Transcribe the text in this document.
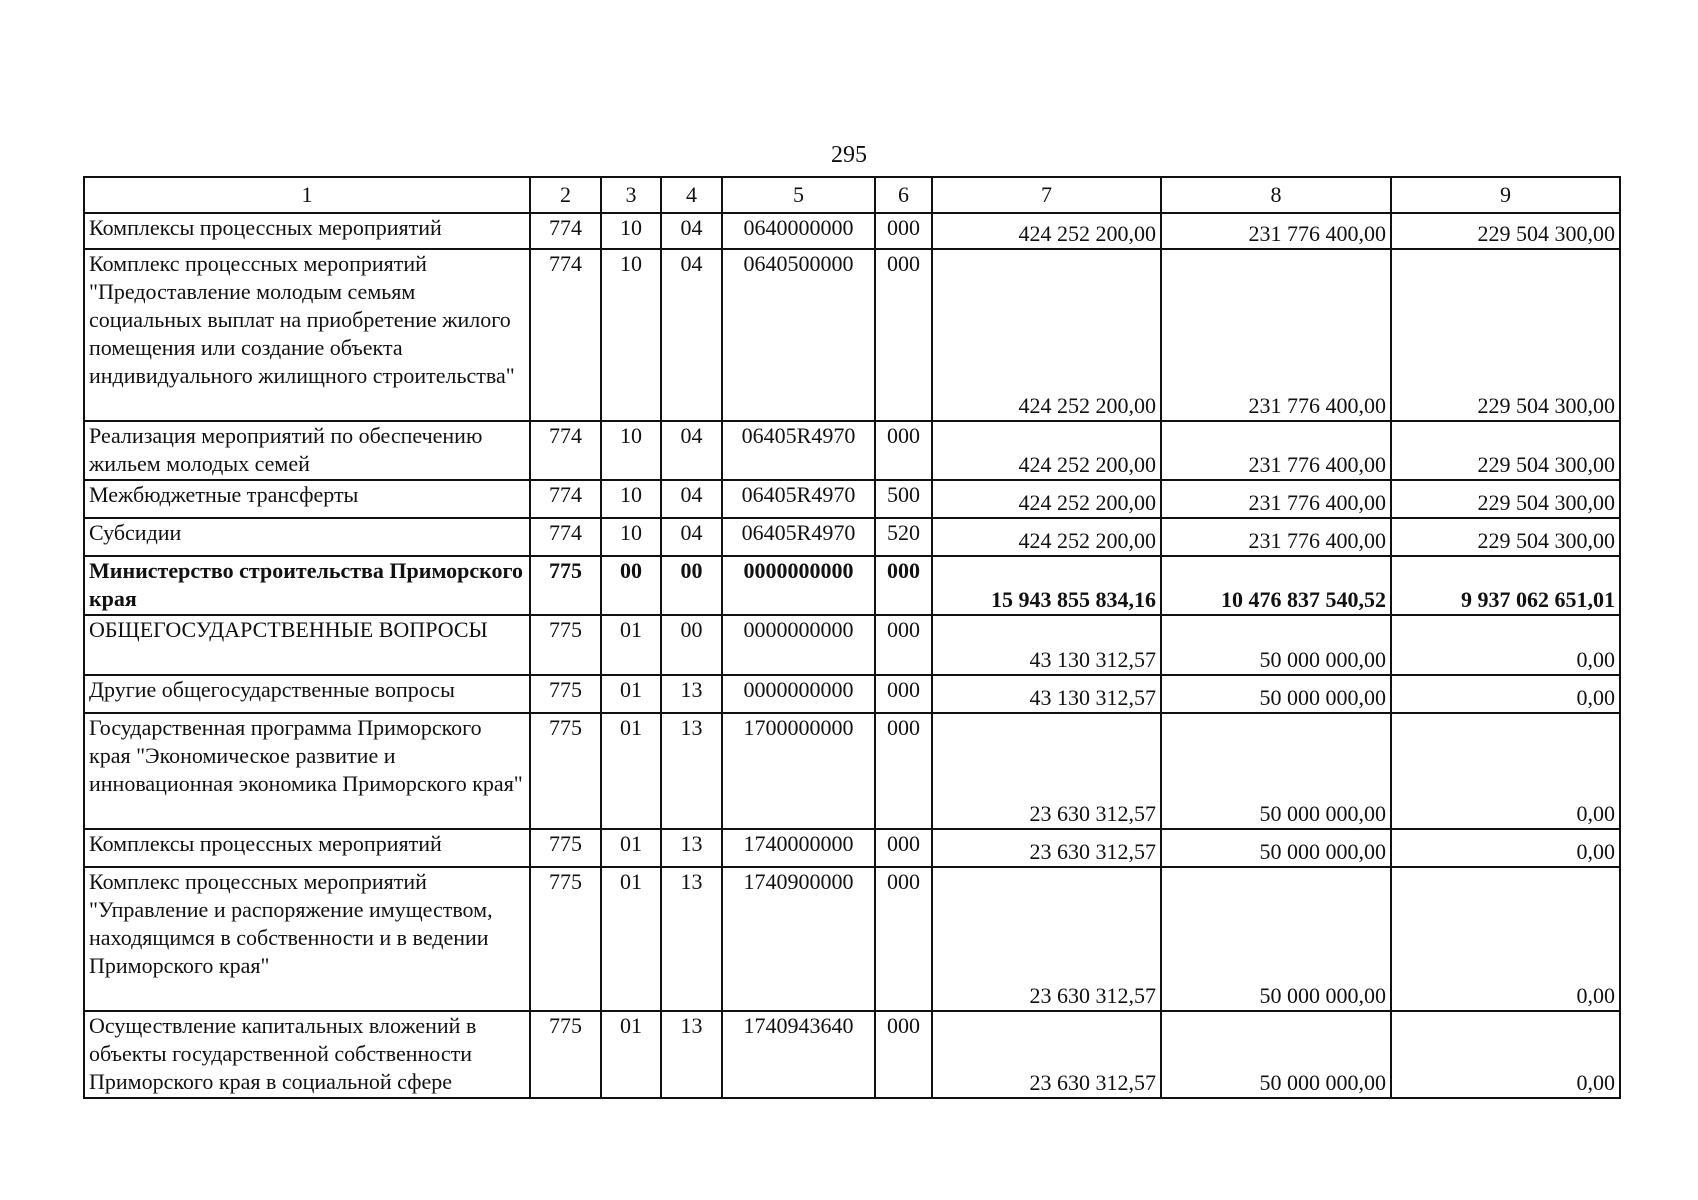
295
1	2	3	4	5	6	7	8	9
Комплексы процессных мероприятий	774	10	04	0640000000	000	424 252 200,00	231 776 400,00	229 504 300,00
Комплекс процессных мероприятий "Предоставление молодым семьям социальных выплат на приобретение жилого помещения или создание объекта индивидуального жилищного строительства"	774	10	04	0640500000	000	424 252 200,00	231 776 400,00	229 504 300,00
Реализация мероприятий по обеспечению жильем молодых семей	774	10	04	06405R4970	000	424 252 200,00	231 776 400,00	229 504 300,00
Межбюджетные трансферты	774	10	04	06405R4970	500	424 252 200,00	231 776 400,00	229 504 300,00
Субсидии	774	10	04	06405R4970	520	424 252 200,00	231 776 400,00	229 504 300,00
Министерство строительства Приморского края	775	00	00	0000000000	000	15 943 855 834,16	10 476 837 540,52	9 937 062 651,01
ОБЩЕГОСУДАРСТВЕННЫЕ ВОПРОСЫ	775	01	00	0000000000	000	43 130 312,57	50 000 000,00	0,00
Другие общегосударственные вопросы	775	01	13	0000000000	000	43 130 312,57	50 000 000,00	0,00
Государственная программа Приморского края "Экономическое развитие и инновационная экономика Приморского края"	775	01	13	1700000000	000	23 630 312,57	50 000 000,00	0,00
Комплексы процессных мероприятий	775	01	13	1740000000	000	23 630 312,57	50 000 000,00	0,00
Комплекс процессных мероприятий "Управление и распоряжение имуществом, находящимся в собственности и в ведении Приморского края"	775	01	13	1740900000	000	23 630 312,57	50 000 000,00	0,00
Осуществление капитальных вложений в объекты государственной собственности Приморского края в социальной сфере	775	01	13	1740943640	000	23 630 312,57	50 000 000,00	0,00
